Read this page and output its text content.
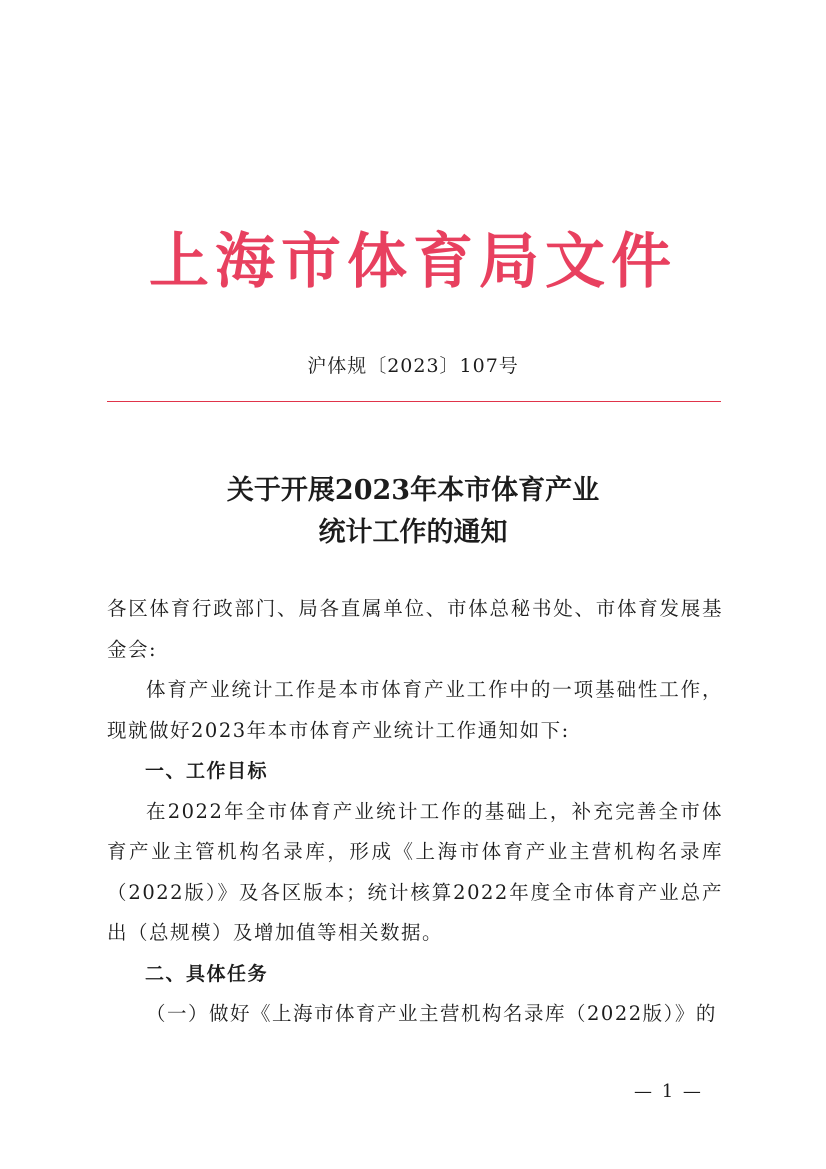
上海市体育局文件
沪体规〔2023〕107号
关于开展2023年本市体育产业
统计工作的通知

各区体育行政部门、局各直属单位、市体总秘书处、市体育发展基金会:

体育产业统计工作是本市体育产业工作中的一项基础性工作，现就做好2023年本市体育产业统计工作通知如下:

一、工作目标

在2022年全市体育产业统计工作的基础上，补充完善全市体育产业主管机构名录库，形成《上海市体育产业主营机构名录库（2022版）》及各区版本；统计核算2022年度全市体育产业总产出（总规模）及增加值等相关数据。

二、具体任务

（一）做好《上海市体育产业主营机构名录库（2022版）》的

— 1 —
